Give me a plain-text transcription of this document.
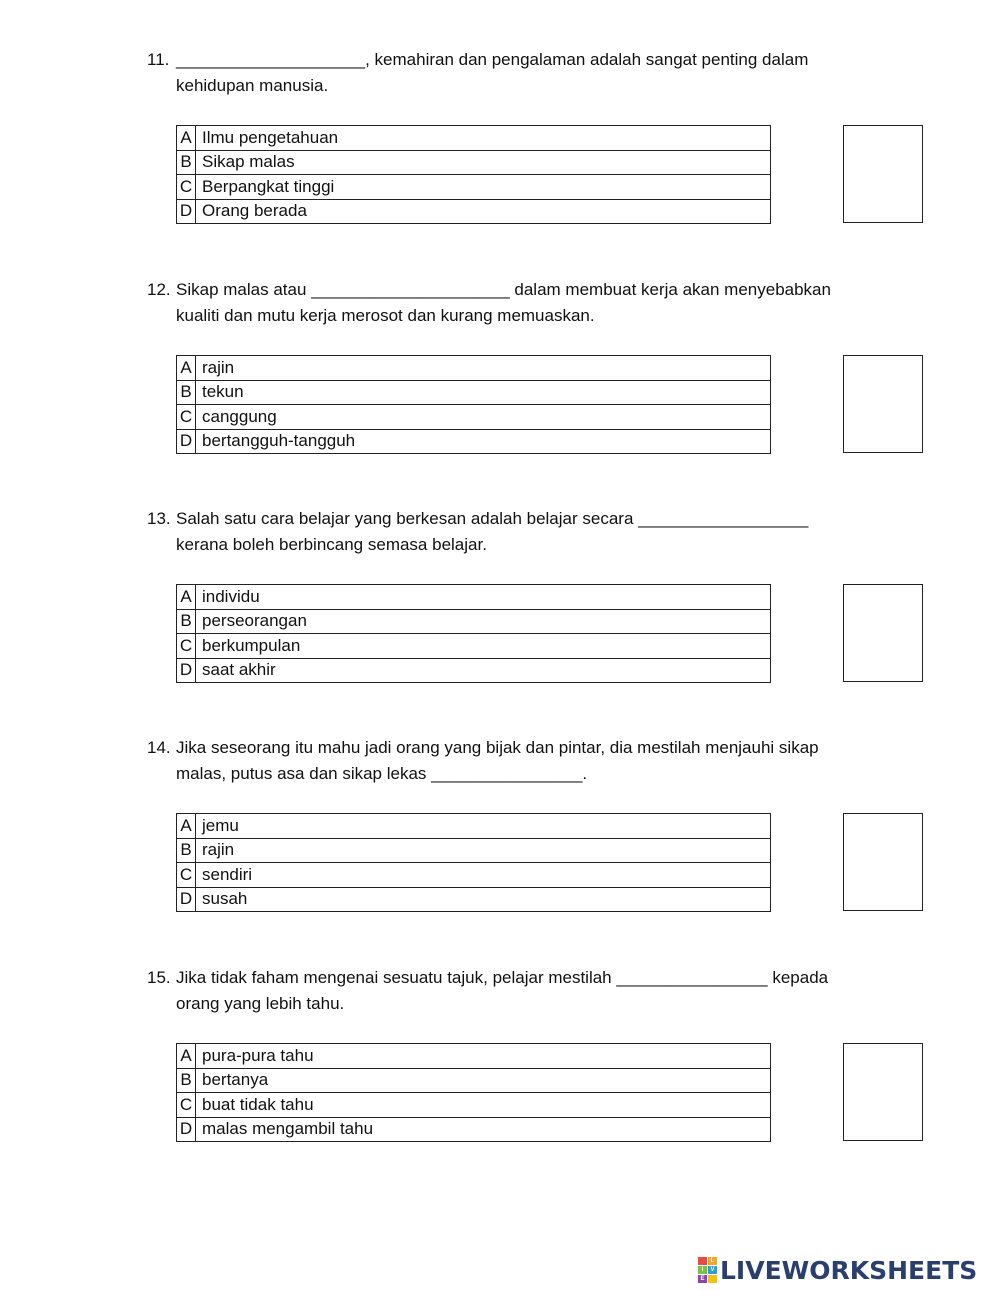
11. ____________________, kemahiran dan pengalaman adalah sangat penting dalam
kehidupan manusia.
A	Ilmu pengetahuan
B	Sikap malas
C	Berpangkat tinggi
D	Orang berada
12. Sikap malas atau _____________________ dalam membuat kerja akan menyebabkan
kualiti dan mutu kerja merosot dan kurang memuaskan.
A	rajin
B	tekun
C	canggung
D	bertangguh-tangguh
13. Salah satu cara belajar yang berkesan adalah belajar secara __________________
kerana boleh berbincang semasa belajar.
A	individu
B	perseorangan
C	berkumpulan
D	saat akhir
14. Jika seseorang itu mahu jadi orang yang bijak dan pintar, dia mestilah menjauhi sikap
malas, putus asa dan sikap lekas ________________.
A	jemu
B	rajin
C	sendiri
D	susah
15. Jika tidak faham mengenai sesuatu tajuk, pelajar mestilah ________________ kepada
orang yang lebih tahu.
A	pura-pura tahu
B	bertanya
C	buat tidak tahu
D	malas mengambil tahu
L
I	V
E LIVEWORKSHEETS
